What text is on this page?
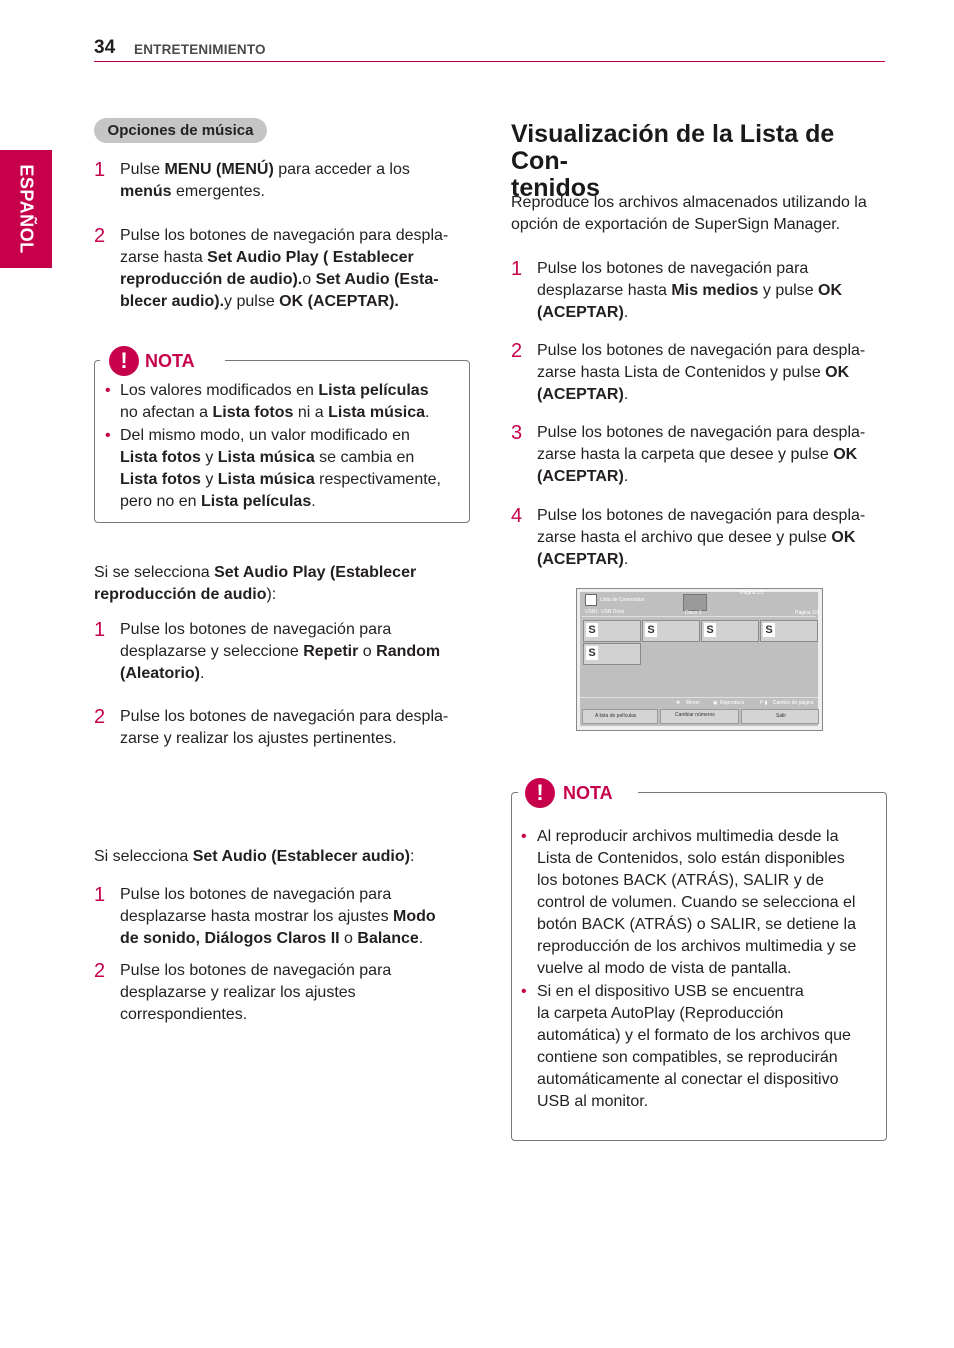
34 ENTRETENIMIENTO
ESPAÑOL
Opciones de música
1 Pulse MENU (MENÚ) para acceder a los
menús emergentes.
2 Pulse los botones de navegación para despla-
zarse hasta Set Audio Play ( Establecer
reproducción de audio).o Set Audio (Esta-
blecer audio).y pulse OK (ACEPTAR).
! NOTA
• Los valores modificados en Lista películas
no afectan a Lista fotos ni a Lista música.
• Del mismo modo, un valor modificado en
Lista fotos y Lista música se cambia en
Lista fotos y Lista música respectivamente,
pero no en Lista películas.
Si se selecciona Set Audio Play (Establecer
reproducción de audio):
1 Pulse los botones de navegación para
desplazarse y seleccione Repetir o Random
(Aleatorio).
2 Pulse los botones de navegación para despla-
zarse y realizar los ajustes pertinentes.
Si selecciona Set Audio (Establecer audio):
1 Pulse los botones de navegación para
desplazarse hasta mostrar los ajustes Modo
de sonido, Diálogos Claros II o Balance.
2 Pulse los botones de navegación para
desplazarse y realizar los ajustes
correspondientes.
Visualización de la Lista de Con-
tenidos
Reproduce los archivos almacenados utilizando la
opción de exportación de SuperSign Manager.
1 Pulse los botones de navegación para
desplazarse hasta Mis medios y pulse OK
(ACEPTAR).
2 Pulse los botones de navegación para despla-
zarse hasta Lista de Contenidos y pulse OK
(ACEPTAR).
3 Pulse los botones de navegación para despla-
zarse hasta la carpeta que desee y pulse OK
(ACEPTAR).
4 Pulse los botones de navegación para despla-
zarse hasta el archivo que desee y pulse OK
(ACEPTAR).
Lista de Contenidos
Página 1/1
USB1 USB Drive	Disco 1	Página 1/1
S	S	S	S
S
✥ Mover	◉ Reproducir	P ▮ Cambio de página
A lista de películas	Cambiar números	Salir
!	NOTA
• Al reproducir archivos multimedia desde la
Lista de Contenidos, solo están disponibles
los botones BACK (ATRÁS), SALIR y de
control de volumen. Cuando se selecciona el
botón BACK (ATRÁS) o SALIR, se detiene la
reproducción de los archivos multimedia y se
vuelve al modo de vista de pantalla.
• Si en el dispositivo USB se encuentra
la carpeta AutoPlay (Reproducción
automática) y el formato de los archivos que
contiene son compatibles, se reproducirán
automáticamente al conectar el dispositivo
USB al monitor.
